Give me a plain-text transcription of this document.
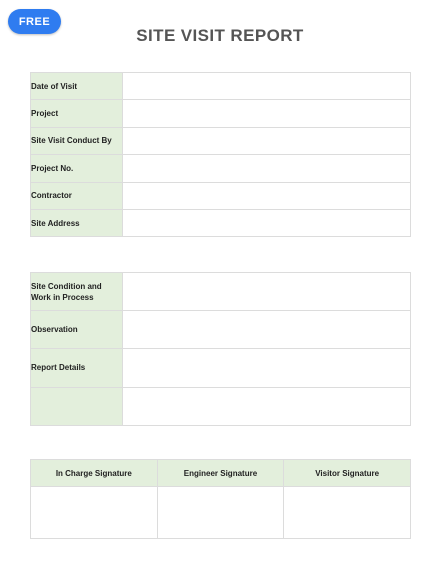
FREE
SITE VISIT REPORT
Date of Visit	
Project	
Site Visit Conduct By	
Project No.	
Contractor	
Site Address	
Site Condition and
Work in Process	

Observation	
Report Details	

In Charge Signature	Engineer Signature	Visitor Signature
